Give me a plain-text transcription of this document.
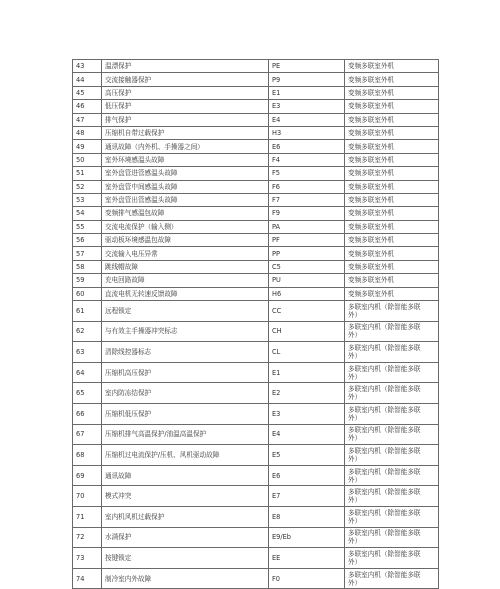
43	温漂保护	PE	变频多联室外机

44	交流接触器保护	P9	变频多联室外机

45	高压保护	E1	变频多联室外机

46	低压保护	E3	变频多联室外机

47	排气保护	E4	变频多联室外机

48	压缩机自带过载保护	H3	变频多联室外机

49	通讯故障（内外机、手操器之间）	E6	变频多联室外机

50	室外环境感温头故障	F4	变频多联室外机

51	室外盘管进管感温头故障	F5	变频多联室外机

52	室外盘管中间感温头故障	F6	变频多联室外机

53	室外盘管出管感温头故障	F7	变频多联室外机

54	变频排气感温包故障	F9	变频多联室外机

55	交流电流保护（输入侧）	PA	变频多联室外机

56	驱动板环境感温包故障	PF	变频多联室外机

57	交流输入电压异常	PP	变频多联室外机

58	跳线帽故障	C5	变频多联室外机

59	充电回路故障	PU	变频多联室外机

60	直流电机无转速反馈故障	H6	变频多联室外机

61	远程锁定	CC	多联室内机（除智能多联
外）

62	与有效主手操器冲突标志	CH	多联室内机（除智能多联
外）

63	清除线控器标志	CL	多联室内机（除智能多联
外）

64	压缩机高压保护	E1	多联室内机（除智能多联
外）

65	室内防冻结保护	E2	多联室内机（除智能多联
外）

66	压缩机低压保护	E3	多联室内机（除智能多联
外）

67	压缩机排气高温保护/油温高温保护	E4	多联室内机（除智能多联
外）

68	压缩机过电流保护/压机、风机驱动故障	E5	多联室内机（除智能多联
外）

69	通讯故障	E6	多联室内机（除智能多联
外）

70	模式冲突	E7	多联室内机（除智能多联
外）

71	室内机风机过载保护	E8	多联室内机（除智能多联
外）

72	水满保护	E9/Eb	多联室内机（除智能多联
外）

73	按键锁定	EE	多联室内机（除智能多联
外）

74	制冷室内外故障	F0	多联室内机（除智能多联
外）
